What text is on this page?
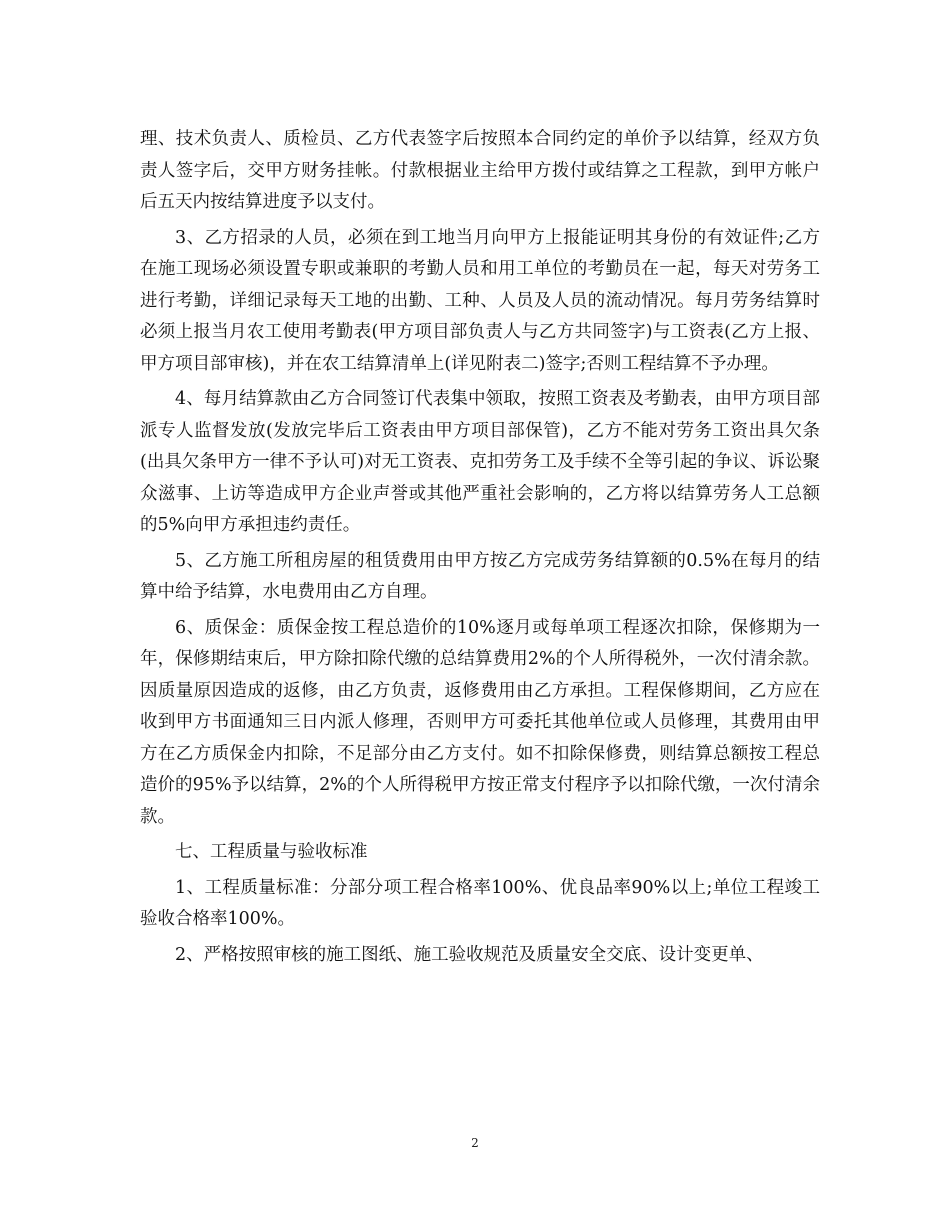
理、技术负责人、质检员、乙方代表签字后按照本合同约定的单价予以结算，经双方负责人签字后，交甲方财务挂帐。付款根据业主给甲方拨付或结算之工程款，到甲方帐户后五天内按结算进度予以支付。

3、乙方招录的人员，必须在到工地当月向甲方上报能证明其身份的有效证件;乙方在施工现场必须设置专职或兼职的考勤人员和用工单位的考勤员在一起，每天对劳务工进行考勤，详细记录每天工地的出勤、工种、人员及人员的流动情况。每月劳务结算时必须上报当月农工使用考勤表(甲方项目部负责人与乙方共同签字)与工资表(乙方上报、甲方项目部审核)，并在农工结算清单上(详见附表二)签字;否则工程结算不予办理。

4、每月结算款由乙方合同签订代表集中领取，按照工资表及考勤表，由甲方项目部派专人监督发放(发放完毕后工资表由甲方项目部保管)，乙方不能对劳务工资出具欠条(出具欠条甲方一律不予认可)对无工资表、克扣劳务工及手续不全等引起的争议、诉讼聚众滋事、上访等造成甲方企业声誉或其他严重社会影响的，乙方将以结算劳务人工总额的5%向甲方承担违约责任。

5、乙方施工所租房屋的租赁费用由甲方按乙方完成劳务结算额的0.5%在每月的结算中给予结算，水电费用由乙方自理。

6、质保金：质保金按工程总造价的10%逐月或每单项工程逐次扣除，保修期为一年，保修期结束后，甲方除扣除代缴的总结算费用2%的个人所得税外，一次付清余款。因质量原因造成的返修，由乙方负责，返修费用由乙方承担。工程保修期间，乙方应在收到甲方书面通知三日内派人修理，否则甲方可委托其他单位或人员修理，其费用由甲方在乙方质保金内扣除，不足部分由乙方支付。如不扣除保修费，则结算总额按工程总造价的95%予以结算，2%的个人所得税甲方按正常支付程序予以扣除代缴，一次付清余款。

七、工程质量与验收标准

1、工程质量标准：分部分项工程合格率100%、优良品率90%以上;单位工程竣工验收合格率100%。

2、严格按照审核的施工图纸、施工验收规范及质量安全交底、设计变更单、

2
